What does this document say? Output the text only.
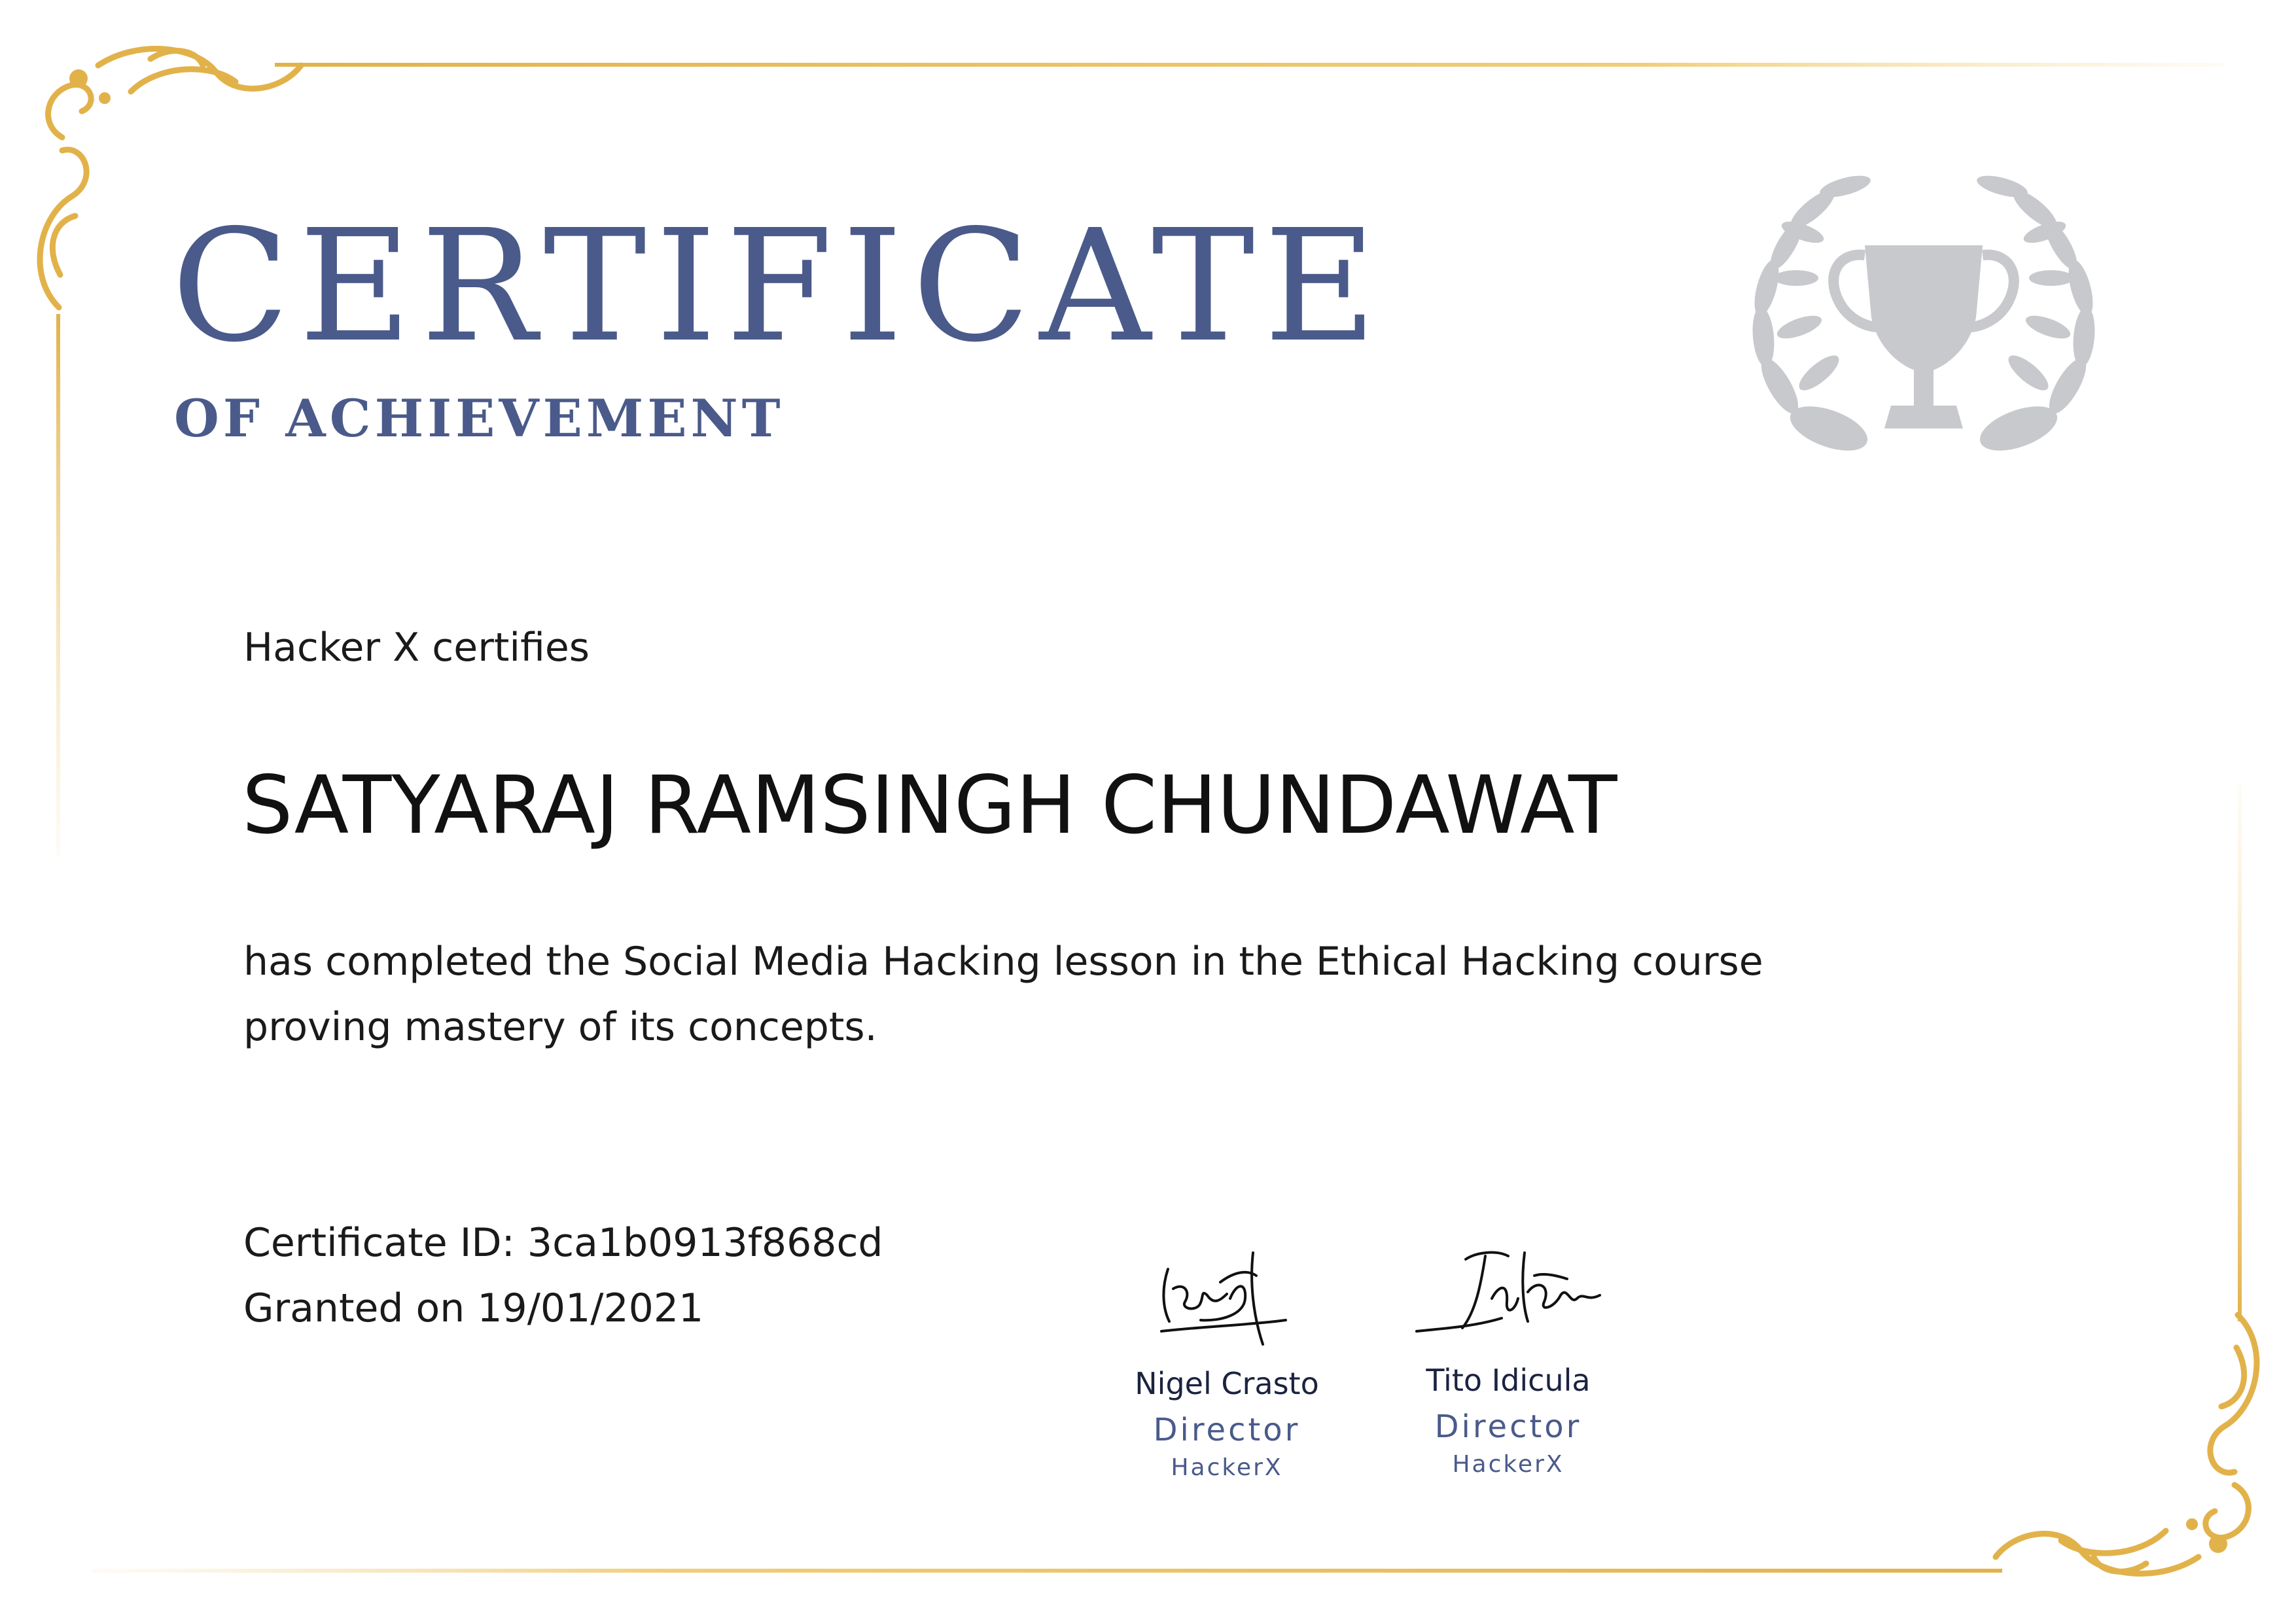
CERTIFICATE
OF ACHIEVEMENT
Hacker X certifies
SATYARAJ RAMSINGH CHUNDAWAT
has completed the Social Media Hacking lesson in the Ethical Hacking course
proving mastery of its concepts.
Certificate ID: 3ca1b0913f868cd
Granted on 19/01/2021
Nigel Crasto
Director
HackerX
Tito Idicula
Director
HackerX
